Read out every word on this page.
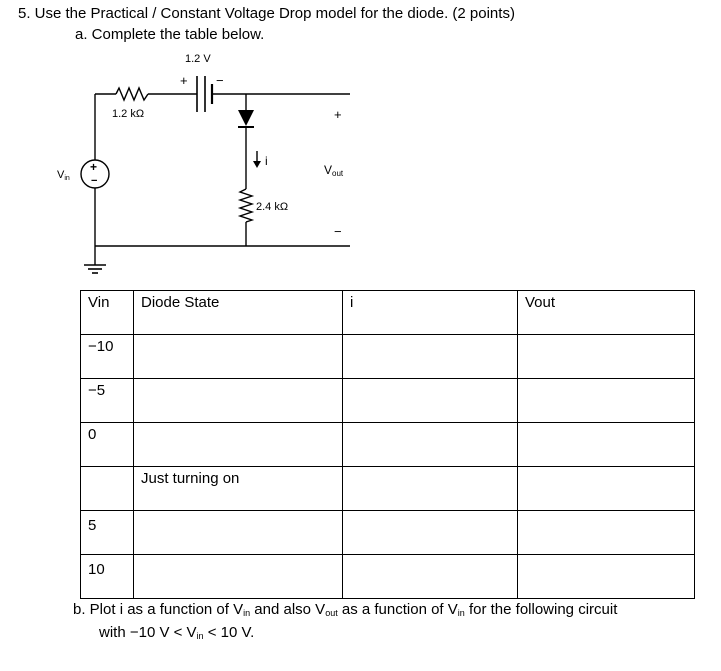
5. Use the Practical / Constant Voltage Drop model for the diode. (2 points)
a. Complete the table below.
1.2 V
+ −
1.2 kΩ
i
2.4 kΩ
+
−
Vin
+
Vout
−
Vin	Diode State	i	Vout

−10			

−5			

0			

	Just turning on		

5			

10			

b. Plot i as a function of $V_{in}$ and also $V_{out}$ as a function of $V_{in}$ for the following circuit
with −10 $V < V_{in} < 10$ V.
